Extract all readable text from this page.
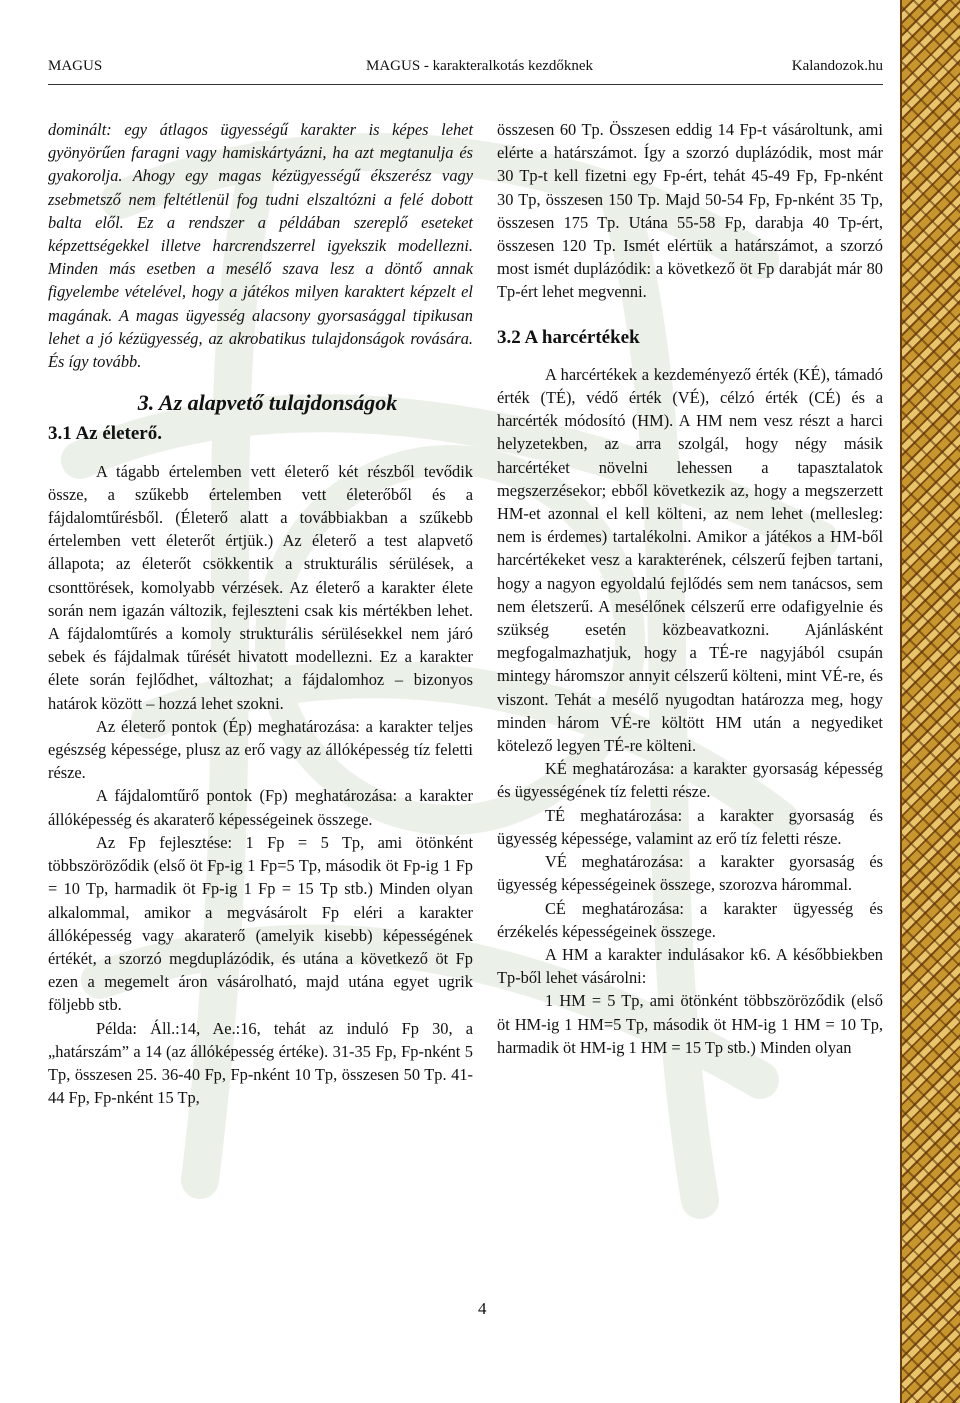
MAGUS	MAGUS - karakteralkotás kezdőknek	Kalandozok.hu

dominált: egy átlagos ügyességű karakter is képes lehet gyönyörűen faragni vagy hamiskártyázni, ha azt megtanulja és gyakorolja. Ahogy egy magas kézügyességű ékszerész vagy zsebmetsző nem feltétlenül fog tudni elszaltózni a felé dobott balta elől. Ez a rendszer a példában szereplő eseteket képzettségekkel illetve harcrendszerrel igyekszik modellezni. Minden más esetben a mesélő szava lesz a döntő annak figyelembe vételével, hogy a játékos milyen karaktert képzelt el magának. A magas ügyesség alacsony gyorsasággal tipikusan lehet a jó kézügyesség, az akrobatikus tulajdonságok rovására. És így tovább.

3. Az alapvető tulajdonságok
3.1 Az életerő.

A tágabb értelemben vett életerő két részből tevődik össze, a szűkebb értelemben vett életerőből és a fájdalomtűrésből. (Életerő alatt a továbbiakban a szűkebb értelemben vett életerőt értjük.) Az életerő a test alapvető állapota; az életerőt csökkentik a strukturális sérülések, a csonttörések, komolyabb vérzések. Az életerő a karakter élete során nem igazán változik, fejleszteni csak kis mértékben lehet. A fájdalomtűrés a komoly strukturális sérülésekkel nem járó sebek és fájdalmak tűrését hivatott modellezni. Ez a karakter élete során fejlődhet, változhat; a fájdalomhoz – bizonyos határok között – hozzá lehet szokni.

Az életerő pontok (Ép) meghatározása: a karakter teljes egészség képessége, plusz az erő vagy az állóképesség tíz feletti része.

A fájdalomtűrő pontok (Fp) meghatározása: a karakter állóképesség és akaraterő képességeinek összege.

Az Fp fejlesztése: 1 Fp = 5 Tp, ami ötönként többszöröződik (első öt Fp-ig 1 Fp=5 Tp, második öt Fp-ig 1 Fp = 10 Tp, harmadik öt Fp-ig 1 Fp = 15 Tp stb.) Minden olyan alkalommal, amikor a megvásárolt Fp eléri a karakter állóképesség vagy akaraterő (amelyik kisebb) képességének értékét, a szorzó megduplázódik, és utána a következő öt Fp ezen a megemelt áron vásárolható, majd utána egyet ugrik följebb stb.

Példa: Áll.:14, Ae.:16, tehát az induló Fp 30, a „határszám” a 14 (az állóképesség értéke). 31-35 Fp, Fp-nként 5 Tp, összesen 25. 36-40 Fp, Fp-nként 10 Tp, összesen 50 Tp. 41-44 Fp, Fp-nként 15 Tp,

összesen 60 Tp. Összesen eddig 14 Fp-t vásároltunk, ami elérte a határszámot. Így a szorzó duplázódik, most már 30 Tp-t kell fizetni egy Fp-ért, tehát 45-49 Fp, Fp-nként 30 Tp, összesen 150 Tp. Majd 50-54 Fp, Fp-nként 35 Tp, összesen 175 Tp. Utána 55-58 Fp, darabja 40 Tp-ért, összesen 120 Tp. Ismét elértük a határszámot, a szorzó most ismét duplázódik: a következő öt Fp darabját már 80 Tp-ért lehet megvenni.

3.2 A harcértékek

A harcértékek a kezdeményező érték (KÉ), támadó érték (TÉ), védő érték (VÉ), célzó érték (CÉ) és a harcérték módosító (HM). A HM nem vesz részt a harci helyzetekben, az arra szolgál, hogy négy másik harcértéket növelni lehessen a tapasztalatok megszerzésekor; ebből következik az, hogy a megszerzett HM-et azonnal el kell költeni, az nem lehet (mellesleg: nem is érdemes) tartalékolni. Amikor a játékos a HM-ből harcértékeket vesz a karakterének, célszerű fejben tartani, hogy a nagyon egyoldalú fejlődés sem nem tanácsos, sem nem életszerű. A mesélőnek célszerű erre odafigyelnie és szükség esetén közbeavatkozni. Ajánlásként megfogalmazhatjuk, hogy a TÉ-re nagyjából csupán mintegy háromszor annyit célszerű költeni, mint VÉ-re, és viszont. Tehát a mesélő nyugodtan határozza meg, hogy minden három VÉ-re költött HM után a negyediket kötelező legyen TÉ-re költeni.

KÉ meghatározása: a karakter gyorsaság képesség és ügyességének tíz feletti része.

TÉ meghatározása: a karakter gyorsaság és ügyesség képessége, valamint az erő tíz feletti része.

VÉ meghatározása: a karakter gyorsaság és ügyesség képességeinek összege, szorozva hárommal.

CÉ meghatározása: a karakter ügyesség és érzékelés képességeinek összege.

A HM a karakter indulásakor k6. A későbbiekben Tp-ből lehet vásárolni:

1 HM = 5 Tp, ami ötönként többszöröződik (első öt HM-ig 1 HM=5 Tp, második öt HM-ig 1 HM = 10 Tp, harmadik öt HM-ig 1 HM = 15 Tp stb.) Minden olyan

4
